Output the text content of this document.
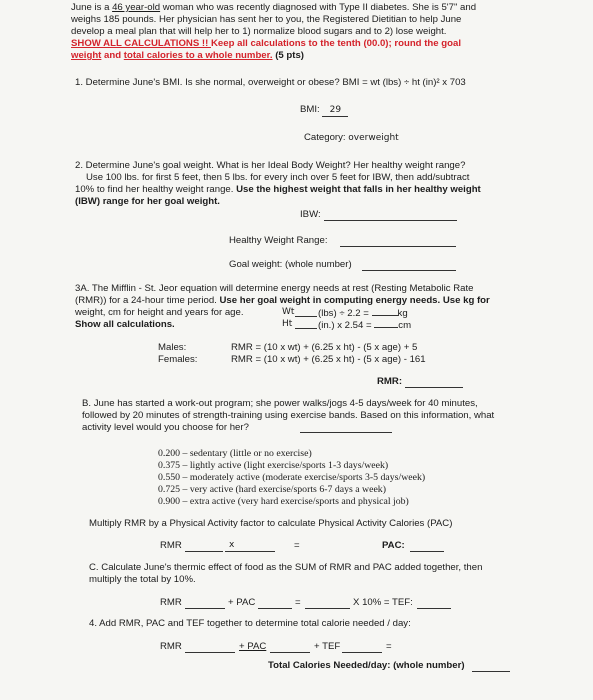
June is a 46 year-old woman who was recently diagnosed with Type II diabetes. She is 5'7" and
weighs 185 pounds. Her physician has sent her to you, the Registered Dietitian to help June
develop a meal plan that will help her to 1) normalize blood sugars and to 2) lose weight.
SHOW ALL CALCULATIONS !! Keep all calculations to the tenth (00.0); round the goal
weight and total calories to a whole number. (5 pts)
1. Determine June's BMI. Is she normal, overweight or obese? BMI = wt (lbs) ÷ ht (in)² x 703
BMI: 29
Category: overweight
2. Determine June's goal weight. What is her Ideal Body Weight? Her healthy weight range?
Use 100 lbs. for first 5 feet, then 5 lbs. for every inch over 5 feet for IBW, then add/subtract
10% to find her healthy weight range. Use the highest weight that falls in her healthy weight
(IBW) range for her goal weight.
IBW:
Healthy Weight Range:
Goal weight: (whole number)
3A. The Mifflin - St. Jeor equation will determine energy needs at rest (Resting Metabolic Rate
(RMR)) for a 24-hour time period. Use her goal weight in computing energy needs. Use kg for
weight, cm for height and years for age.
Show all calculations.
Wt (lbs) ÷ 2.2 =	kg
Ht	(in.) x 2.54 =	cm
Males:	RMR = (10 x wt) + (6.25 x ht) - (5 x age) + 5
Females:	RMR = (10 x wt) + (6.25 x ht) - (5 x age) - 161
RMR:
B. June has started a work-out program; she power walks/jogs 4-5 days/week for 40 minutes,
followed by 20 minutes of strength-training using exercise bands. Based on this information, what
activity level would you choose for her?
0.200 – sedentary (little or no exercise)
0.375 – lightly active (light exercise/sports 1-3 days/week)
0.550 – moderately active (moderate exercise/sports 3-5 days/week)
0.725 – very active (hard exercise/sports 6-7 days a week)
0.900 – extra active (very hard exercise/sports and physical job)
Multiply RMR by a Physical Activity factor to calculate Physical Activity Calories (PAC)
RMR	x	=	PAC:
C. Calculate June's thermic effect of food as the SUM of RMR and PAC added together, then
multiply the total by 10%.
RMR	+ PAC	=	X 10% = TEF:
4. Add RMR, PAC and TEF together to determine total calorie needed / day:
RMR	+ PAC	+ TEF	=
Total Calories Needed/day: (whole number)
